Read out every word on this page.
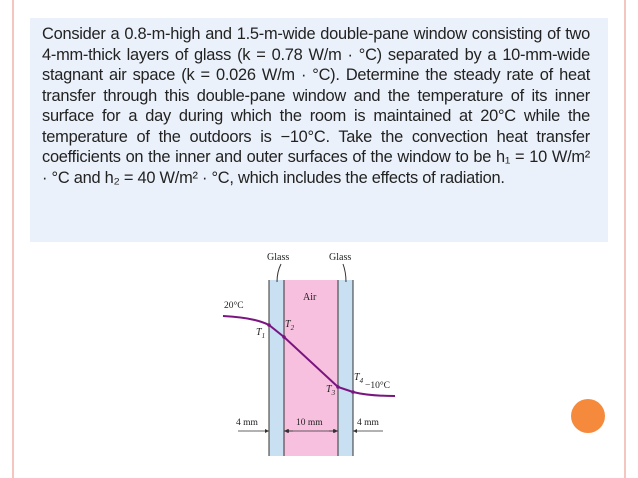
Consider a 0.8-m-high and 1.5-m-wide double-pane window consisting of two 4-mm-thick layers of glass (k = 0.78 W/m · °C) separated by a 10-mm-wide stagnant air space (k = 0.026 W/m · °C). Determine the steady rate of heat transfer through this double-pane window and the temperature of its inner surface for a day during which the room is maintained at 20°C while the temperature of the outdoors is −10°C. Take the convection heat transfer coefficients on the inner and outer surfaces of the window to be h₁ = 10 W/m² · °C and h₂ = 40 W/m² · °C, which includes the effects of radiation.

Glass	Glass
Air
20°C
−10°C
$T_1$
$T_2$
$T_3$
$T_4$
4 mm	10 mm	4 mm
